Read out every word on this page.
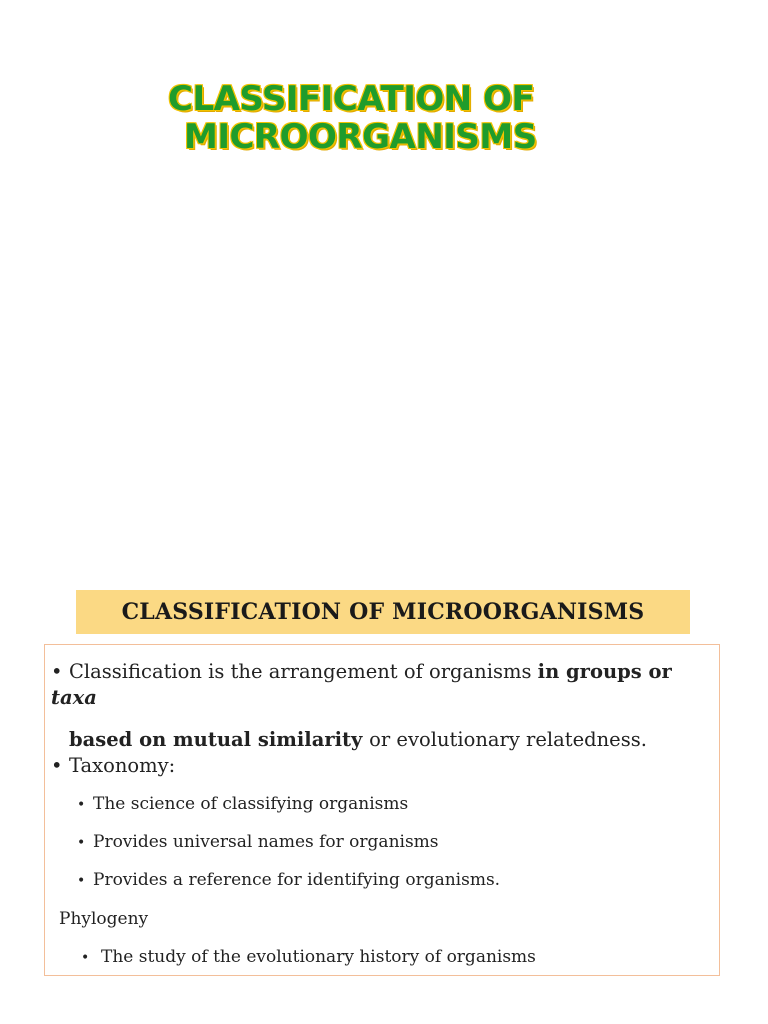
CLASSIFICATION OF
MICROORGANISMS
CLASSIFICATION OF MICROORGANISMS
• Classification is the arrangement of organisms in groups or taxa
based on mutual similarity or evolutionary relatedness.
• Taxonomy:
• The science of classifying organisms
• Provides universal names for organisms
• Provides a reference for identifying organisms.
Phylogeny
• The study of the evolutionary history of organisms
